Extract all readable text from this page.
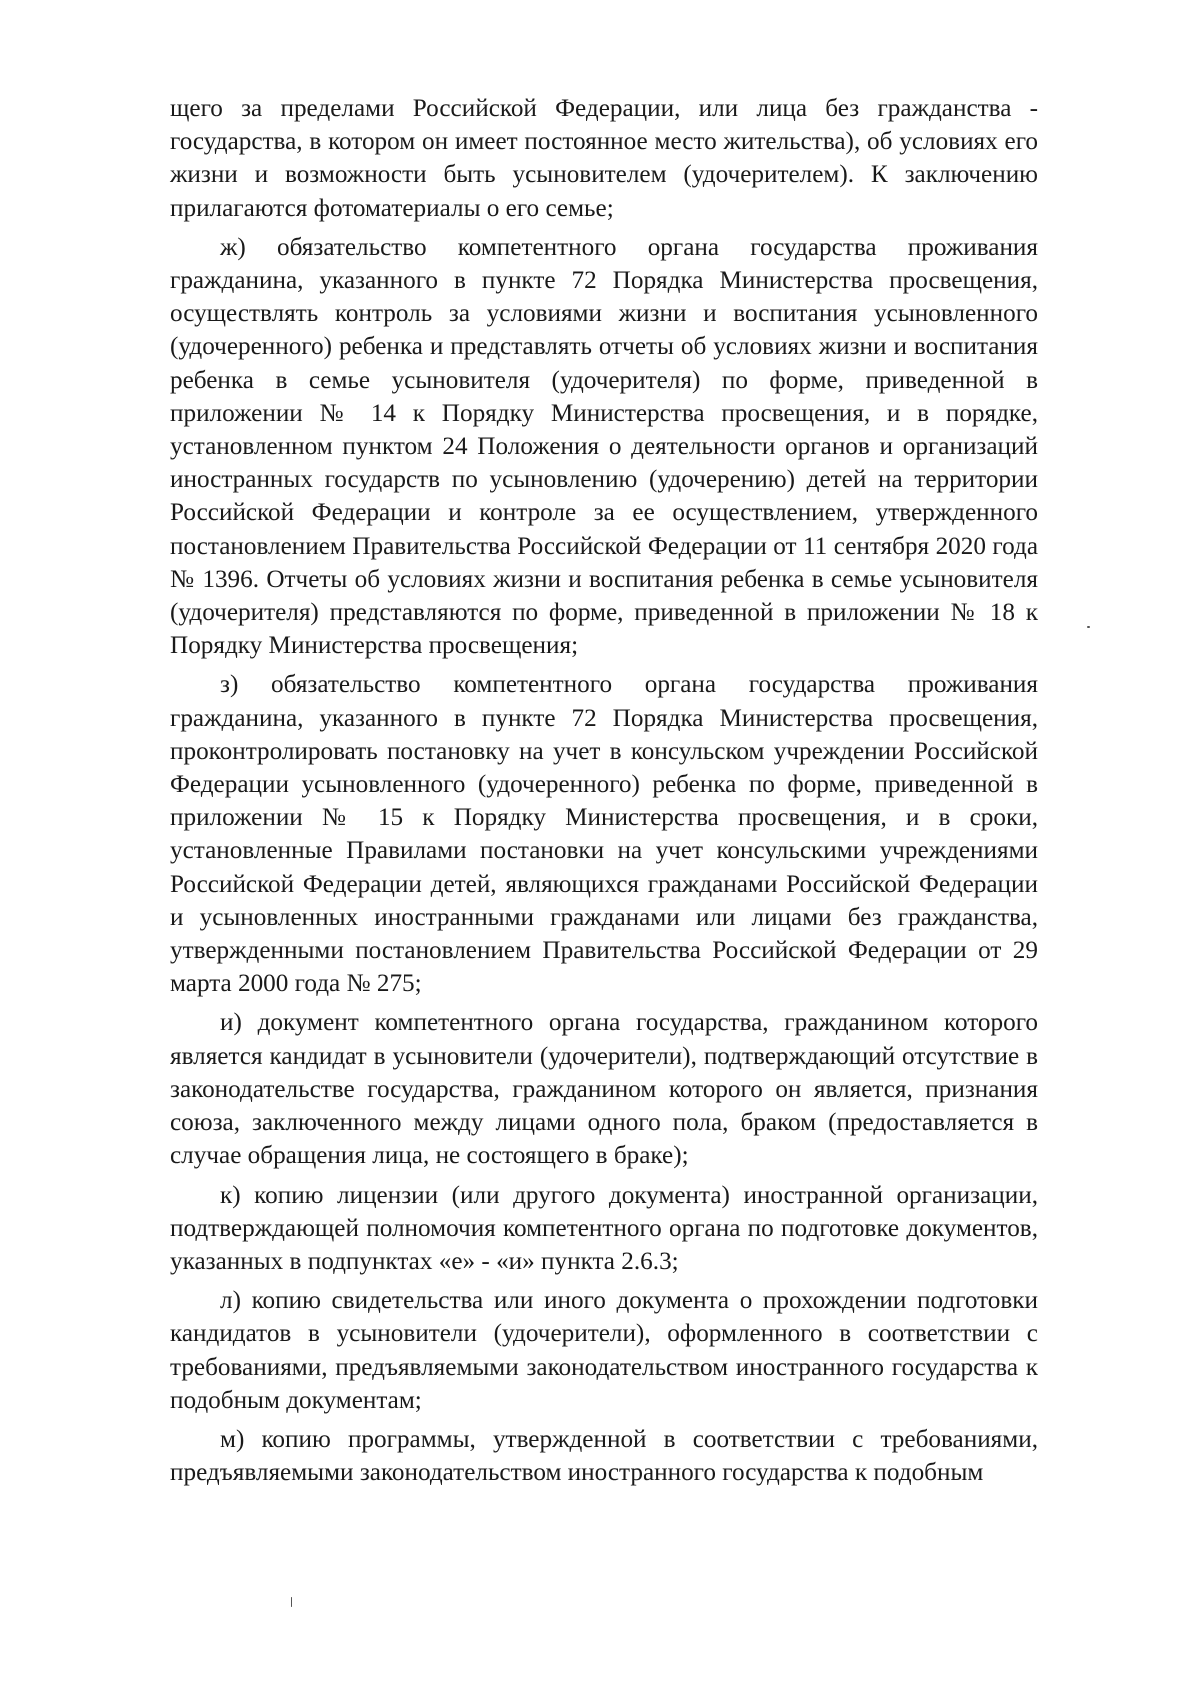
щего за пределами Российской Федерации, или лица без гражданства - государства, в котором он имеет постоянное место жительства), об условиях его жизни и возможности быть усыновителем (удочерителем). К заключению прилагаются фотоматериалы о его семье;

ж) обязательство компетентного органа государства проживания гражданина, указанного в пункте 72 Порядка Министерства просвещения, осуществлять контроль за условиями жизни и воспитания усыновленного (удочеренного) ребенка и представлять отчеты об условиях жизни и воспитания ребенка в семье усыновителя (удочерителя) по форме, приведенной в приложении № 14 к Порядку Министерства просвещения, и в порядке, установленном пунктом 24 Положения о деятельности органов и организаций иностранных государств по усыновлению (удочерению) детей на территории Российской Федерации и контроле за ее осуществлением, утвержденного постановлением Правительства Российской Федерации от 11 сентября 2020 года № 1396. Отчеты об условиях жизни и воспитания ребенка в семье усыновителя (удочерителя) представляются по форме, приведенной в приложении № 18 к Порядку Министерства просвещения;

з) обязательство компетентного органа государства проживания гражданина, указанного в пункте 72 Порядка Министерства просвещения, проконтролировать постановку на учет в консульском учреждении Российской Федерации усыновленного (удочеренного) ребенка по форме, приведенной в приложении № 15 к Порядку Министерства просвещения, и в сроки, установленные Правилами постановки на учет консульскими учреждениями Российской Федерации детей, являющихся гражданами Российской Федерации и усыновленных иностранными гражданами или лицами без гражданства, утвержденными постановлением Правительства Российской Федерации от 29 марта 2000 года № 275;

и) документ компетентного органа государства, гражданином которого является кандидат в усыновители (удочерители), подтверждающий отсутствие в законодательстве государства, гражданином которого он является, признания союза, заключенного между лицами одного пола, браком (предоставляется в случае обращения лица, не состоящего в браке);

к) копию лицензии (или другого документа) иностранной организации, подтверждающей полномочия компетентного органа по подготовке документов, указанных в подпунктах «е» - «и» пункта 2.6.3;

л) копию свидетельства или иного документа о прохождении подготовки кандидатов в усыновители (удочерители), оформленного в соответствии с требованиями, предъявляемыми законодательством иностранного государства к подобным документам;

м) копию программы, утвержденной в соответствии с требованиями, предъявляемыми законодательством иностранного государства к подобным
